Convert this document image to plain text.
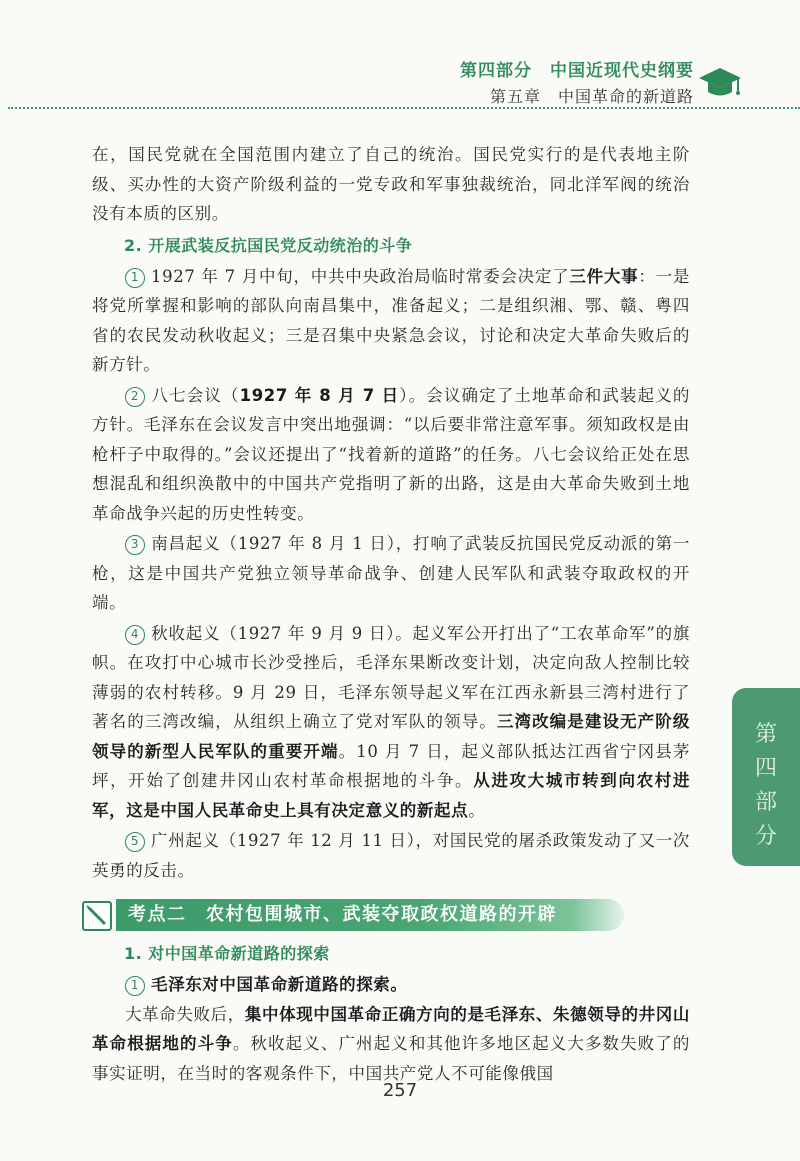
第四部分　中国近现代史纲要
第五章　中国革命的新道路

在，国民党就在全国范围内建立了自己的统治。国民党实行的是代表地主阶级、买办性的大资产阶级利益的一党专政和军事独裁统治，同北洋军阀的统治没有本质的区别。

2. 开展武装反抗国民党反动统治的斗争

1 1927 年 7 月中旬，中共中央政治局临时常委会决定了三件大事：一是将党所掌握和影响的部队向南昌集中，准备起义；二是组织湘、鄂、赣、粤四省的农民发动秋收起义；三是召集中央紧急会议，讨论和决定大革命失败后的新方针。

2 八七会议（1927 年 8 月 7 日）。会议确定了土地革命和武装起义的方针。毛泽东在会议发言中突出地强调：“以后要非常注意军事。须知政权是由枪杆子中取得的。”会议还提出了“找着新的道路”的任务。八七会议给正处在思想混乱和组织涣散中的中国共产党指明了新的出路，这是由大革命失败到土地革命战争兴起的历史性转变。

3 南昌起义（1927 年 8 月 1 日），打响了武装反抗国民党反动派的第一枪，这是中国共产党独立领导革命战争、创建人民军队和武装夺取政权的开端。

4 秋收起义（1927 年 9 月 9 日）。起义军公开打出了“工农革命军”的旗帜。在攻打中心城市长沙受挫后，毛泽东果断改变计划，决定向敌人控制比较薄弱的农村转移。9 月 29 日，毛泽东领导起义军在江西永新县三湾村进行了著名的三湾改编，从组织上确立了党对军队的领导。三湾改编是建设无产阶级领导的新型人民军队的重要开端。10 月 7 日，起义部队抵达江西省宁冈县茅坪，开始了创建井冈山农村革命根据地的斗争。从进攻大城市转到向农村进军，这是中国人民革命史上具有决定意义的新起点。

5 广州起义（1927 年 12 月 11 日），对国民党的屠杀政策发动了又一次英勇的反击。

考点二　农村包围城市、武装夺取政权道路的开辟
1. 对中国革命新道路的探索

1 毛泽东对中国革命新道路的探索。

大革命失败后，集中体现中国革命正确方向的是毛泽东、朱德领导的井冈山革命根据地的斗争。秋收起义、广州起义和其他许多地区起义大多数失败了的事实证明，在当时的客观条件下，中国共产党人不可能像俄国

第
四
部
分
257
